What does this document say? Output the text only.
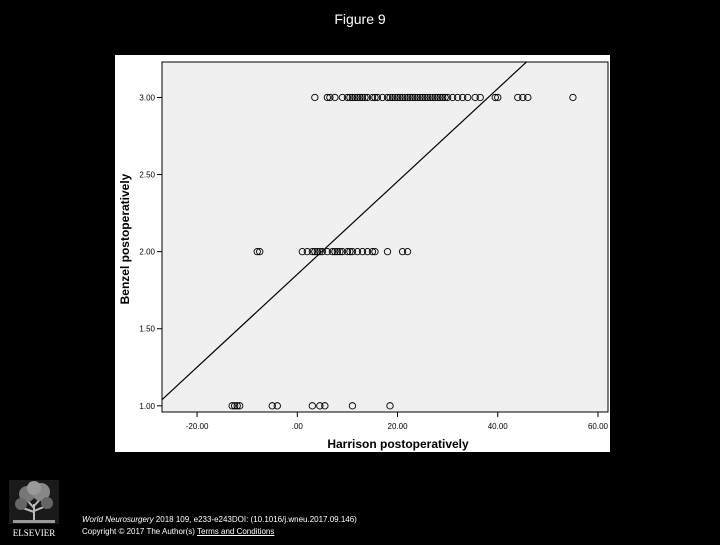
Figure 9
1.00
1.50
2.00
2.50
3.00
-20.00	.00	20.00	40.00	60.00
Harrison postoperatively
Benzel postoperatively
ELSEVIER
World Neurosurgery 2018 109, e233-e243DOI: (10.1016/j.wneu.2017.09.146)
Copyright © 2017 The Author(s) Terms and Conditions
